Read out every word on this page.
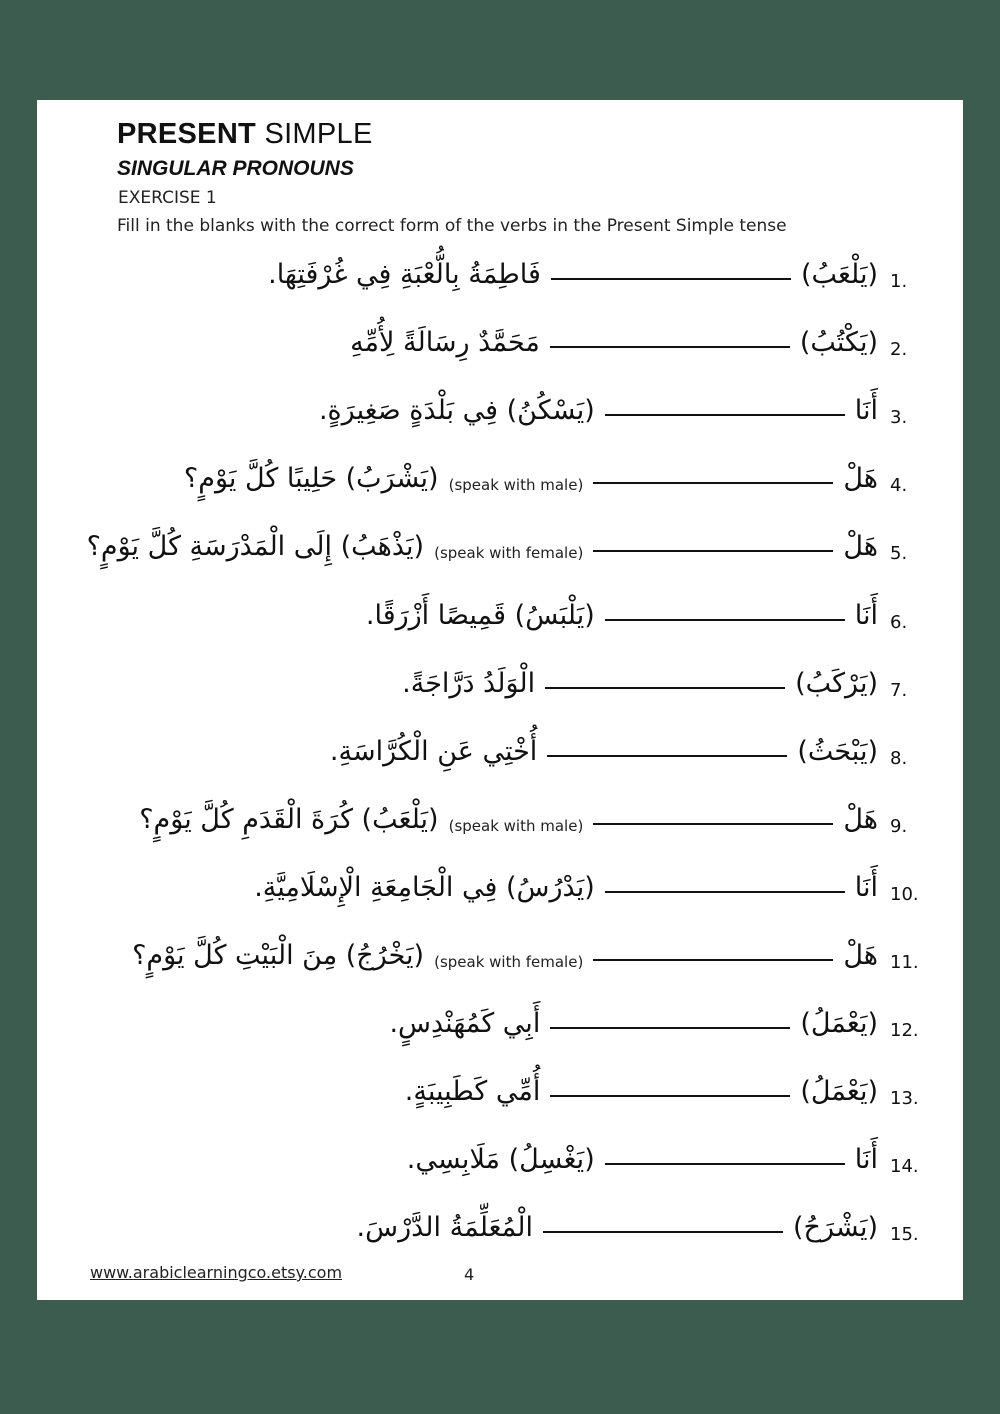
PRESENT SIMPLE
SINGULAR PRONOUNS
EXERCISE 1
Fill in the blanks with the correct form of the verbs in the Present Simple tense
1.
(يَلْعَبُ)
فَاطِمَةُ بِالُّعْبَةِ فِي غُرْفَتِهَا.
2.
(يَكْتُبُ)
مَحَمَّدٌ رِسَالَةً لِأُمِّهِ
3.
أَنَا
(يَسْكُنُ) فِي بَلْدَةٍ صَغِيرَةٍ.
4.
هَلْ
(speak with male)
(يَشْرَبُ) حَلِيبًا كُلَّ يَوْمٍ؟
5.
هَلْ
(speak with female)
(يَذْهَبُ) إِلَى الْمَدْرَسَةِ كُلَّ يَوْمٍ؟
6.
أَنَا
(يَلْبَسُ) قَمِيصًا أَزْرَقًا.
7.
(يَرْكَبُ)
الْوَلَدُ دَرَّاجَةً.
8.
(يَبْحَثُ)
أُخْتِي عَنِ الْكُرَّاسَةِ.
9.
هَلْ
(speak with male)
(يَلْعَبُ) كُرَةَ الْقَدَمِ كُلَّ يَوْمٍ؟
10.
أَنَا
(يَدْرُسُ) فِي الْجَامِعَةِ الْإِسْلَامِيَّةِ.
11.
هَلْ
(speak with female)
(يَخْرُجُ) مِنَ الْبَيْتِ كُلَّ يَوْمٍ؟
12.
(يَعْمَلُ)
أَبِي كَمُهَنْدِسٍ.
13.
(يَعْمَلُ)
أُمِّي كَطَبِيبَةٍ.
14.
أَنَا
(يَغْسِلُ) مَلَابِسِي.
15.
(يَشْرَحُ)
الْمُعَلِّمَةُ الدَّرْسَ.
www.arabiclearningco.etsy.com	4
